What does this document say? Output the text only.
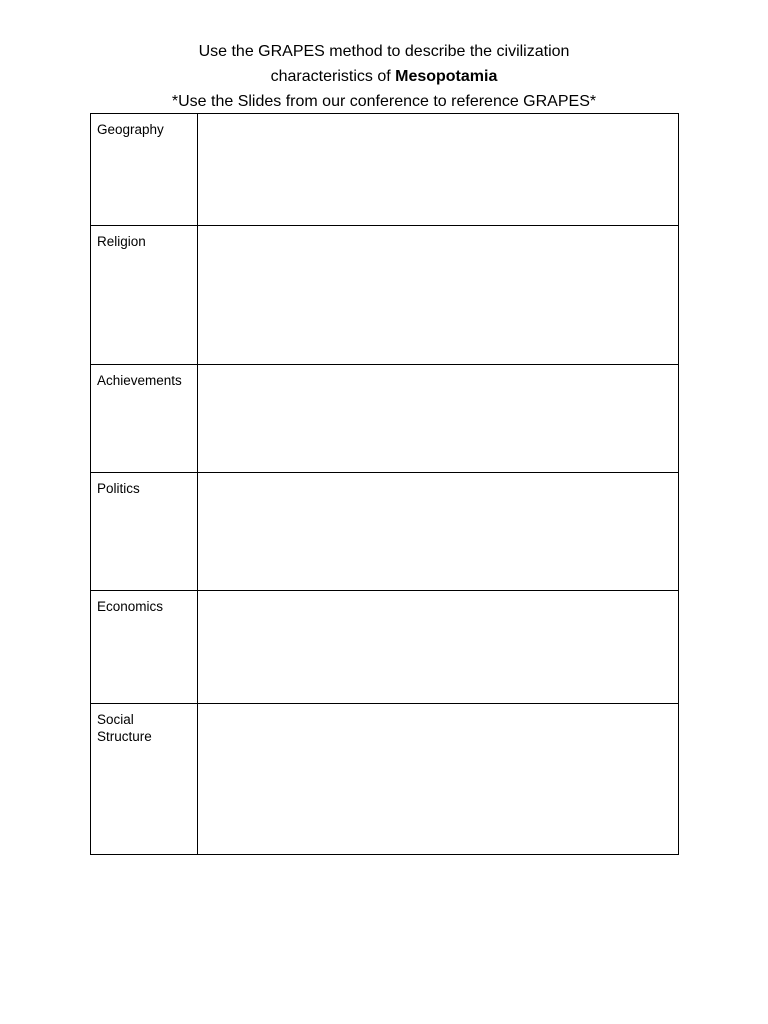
Use the GRAPES method to describe the civilization
characteristics of Mesopotamia
*Use the Slides from our conference to reference GRAPES*
Geography	
Religion	
Achievements	
Politics	
Economics	
Social
Structure	
